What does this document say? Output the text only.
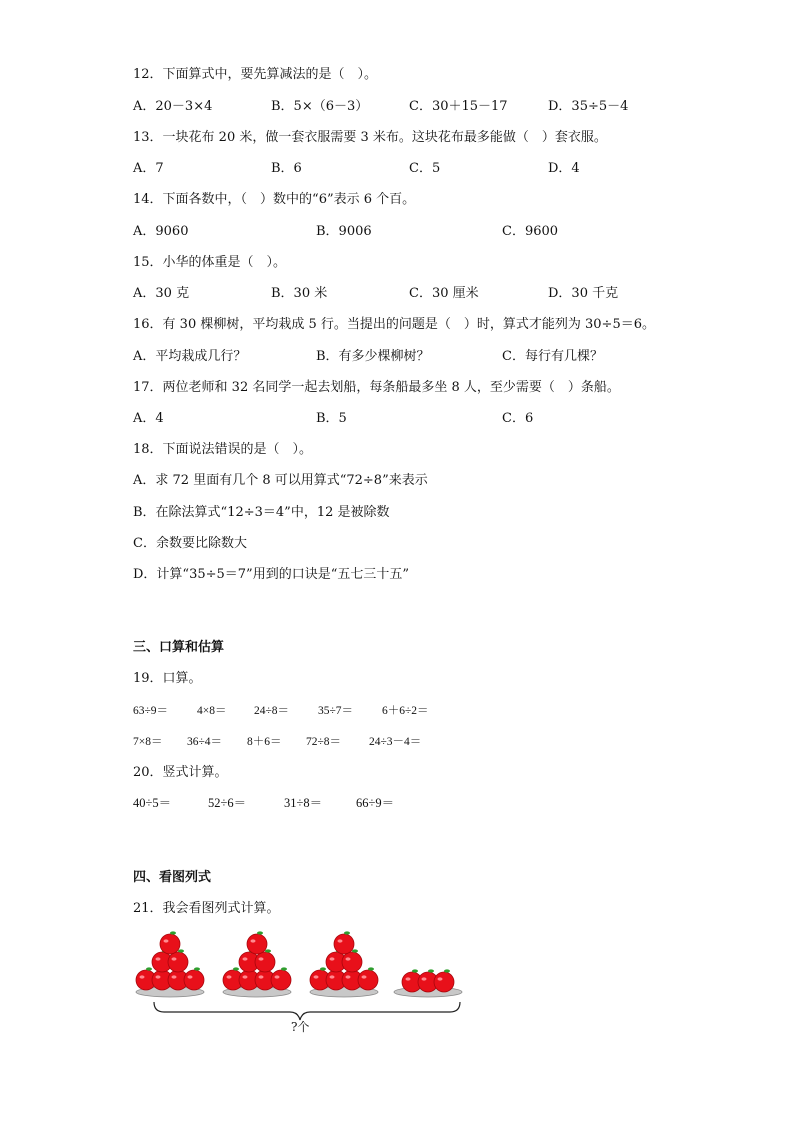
12．下面算式中，要先算减法的是（　）。
A．20－3×4	B．5×（6－3）	C．30＋15－17	D．35÷5－4
13．一块花布 20 米，做一套衣服需要 3 米布。这块花布最多能做（　）套衣服。
A．7	B．6	C．5	D．4
14．下面各数中，（　）数中的“6”表示 6 个百。
A．9060	B．9006	C．9600
15．小华的体重是（　）。
A．30 克	B．30 米	C．30 厘米	D．30 千克
16．有 30 棵柳树，平均栽成 5 行。当提出的问题是（　）时，算式才能列为 30÷5＝6。
A．平均栽成几行？	B．有多少棵柳树？	C．每行有几棵？
17．两位老师和 32 名同学一起去划船，每条船最多坐 8 人，至少需要（　）条船。
A．4	B．5	C．6
18．下面说法错误的是（　）。
A．求 72 里面有几个 8 可以用算式“72÷8”来表示
B．在除法算式“12÷3＝4”中，12 是被除数
C．余数要比除数大
D．计算“35÷5＝7”用到的口诀是“五七三十五”
三、口算和估算
19．口算。
63÷9＝	4×8＝ 24÷8＝	35÷7＝	6＋6÷2＝
7×8＝ 36÷4＝ 8＋6＝ 72÷8＝ 24÷3－4＝
20．竖式计算。
40÷5＝	52÷6＝	31÷8＝	66÷9＝
四、看图列式
21．我会看图列式计算。
?个
